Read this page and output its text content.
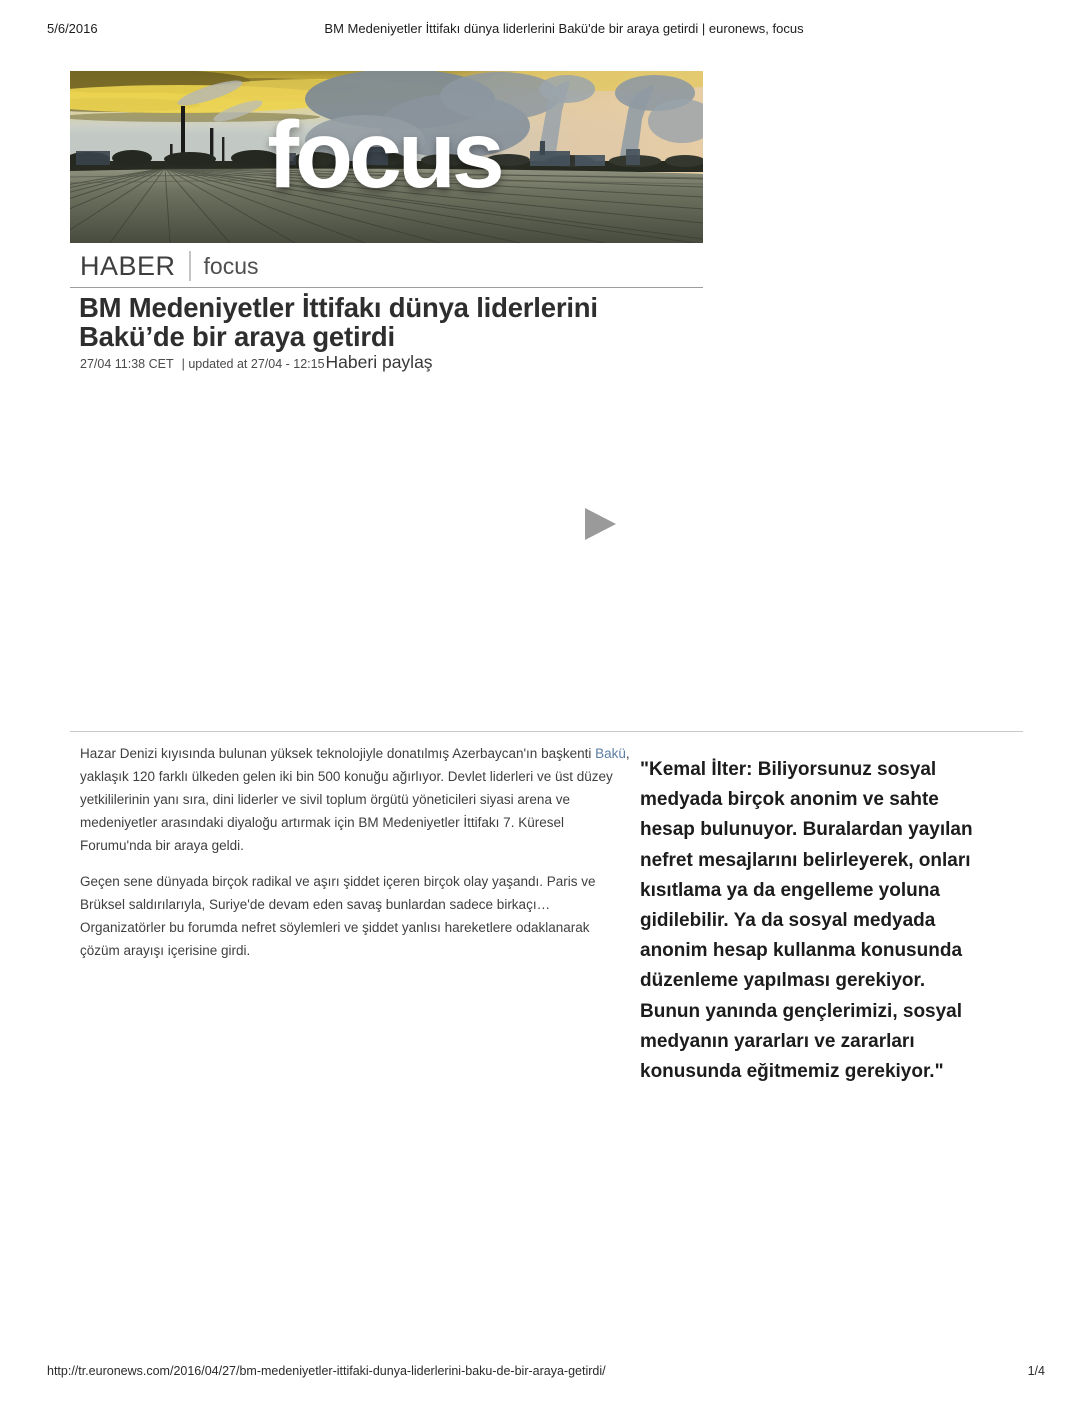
5/6/2016	BM Medeniyetler İttifakı dünya liderlerini Bakü'de bir araya getirdi | euronews, focus
focus
HABER focus
BM Medeniyetler İttifakı dünya liderlerini Bakü’de bir araya getirdi
27/04 11:38 CET | updated at 27/04 - 12:15 Haberi paylaş

Hazar Denizi kıyısında bulunan yüksek teknolojiyle donatılmış Azerbaycan'ın başkenti Bakü, yaklaşık 120 farklı ülkeden gelen iki bin 500 konuğu ağırlıyor. Devlet liderleri ve üst düzey yetkililerinin yanı sıra, dini liderler ve sivil toplum örgütü yöneticileri siyasi arena ve medeniyetler arasındaki diyaloğu artırmak için BM Medeniyetler İttifakı 7. Küresel Forumu'nda bir araya geldi.

Geçen sene dünyada birçok radikal ve aşırı şiddet içeren birçok olay yaşandı. Paris ve Brüksel saldırılarıyla, Suriye'de devam eden savaş bunlardan sadece birkaçı… Organizatörler bu forumda nefret söylemleri ve şiddet yanlısı hareketlere odaklanarak çözüm arayışı içerisine girdi.

"Kemal İlter: Biliyorsunuz sosyal medyada birçok anonim ve sahte hesap bulunuyor. Buralardan yayılan nefret mesajlarını belirleyerek, onları kısıtlama ya da engelleme yoluna gidilebilir. Ya da sosyal medyada anonim hesap kullanma konusunda düzenleme yapılması gerekiyor. Bunun yanında gençlerimizi, sosyal medyanın yararları ve zararları konusunda eğitmemiz gerekiyor."
http://tr.euronews.com/2016/04/27/bm-medeniyetler-ittifaki-dunya-liderlerini-baku-de-bir-araya-getirdi/	1/4
